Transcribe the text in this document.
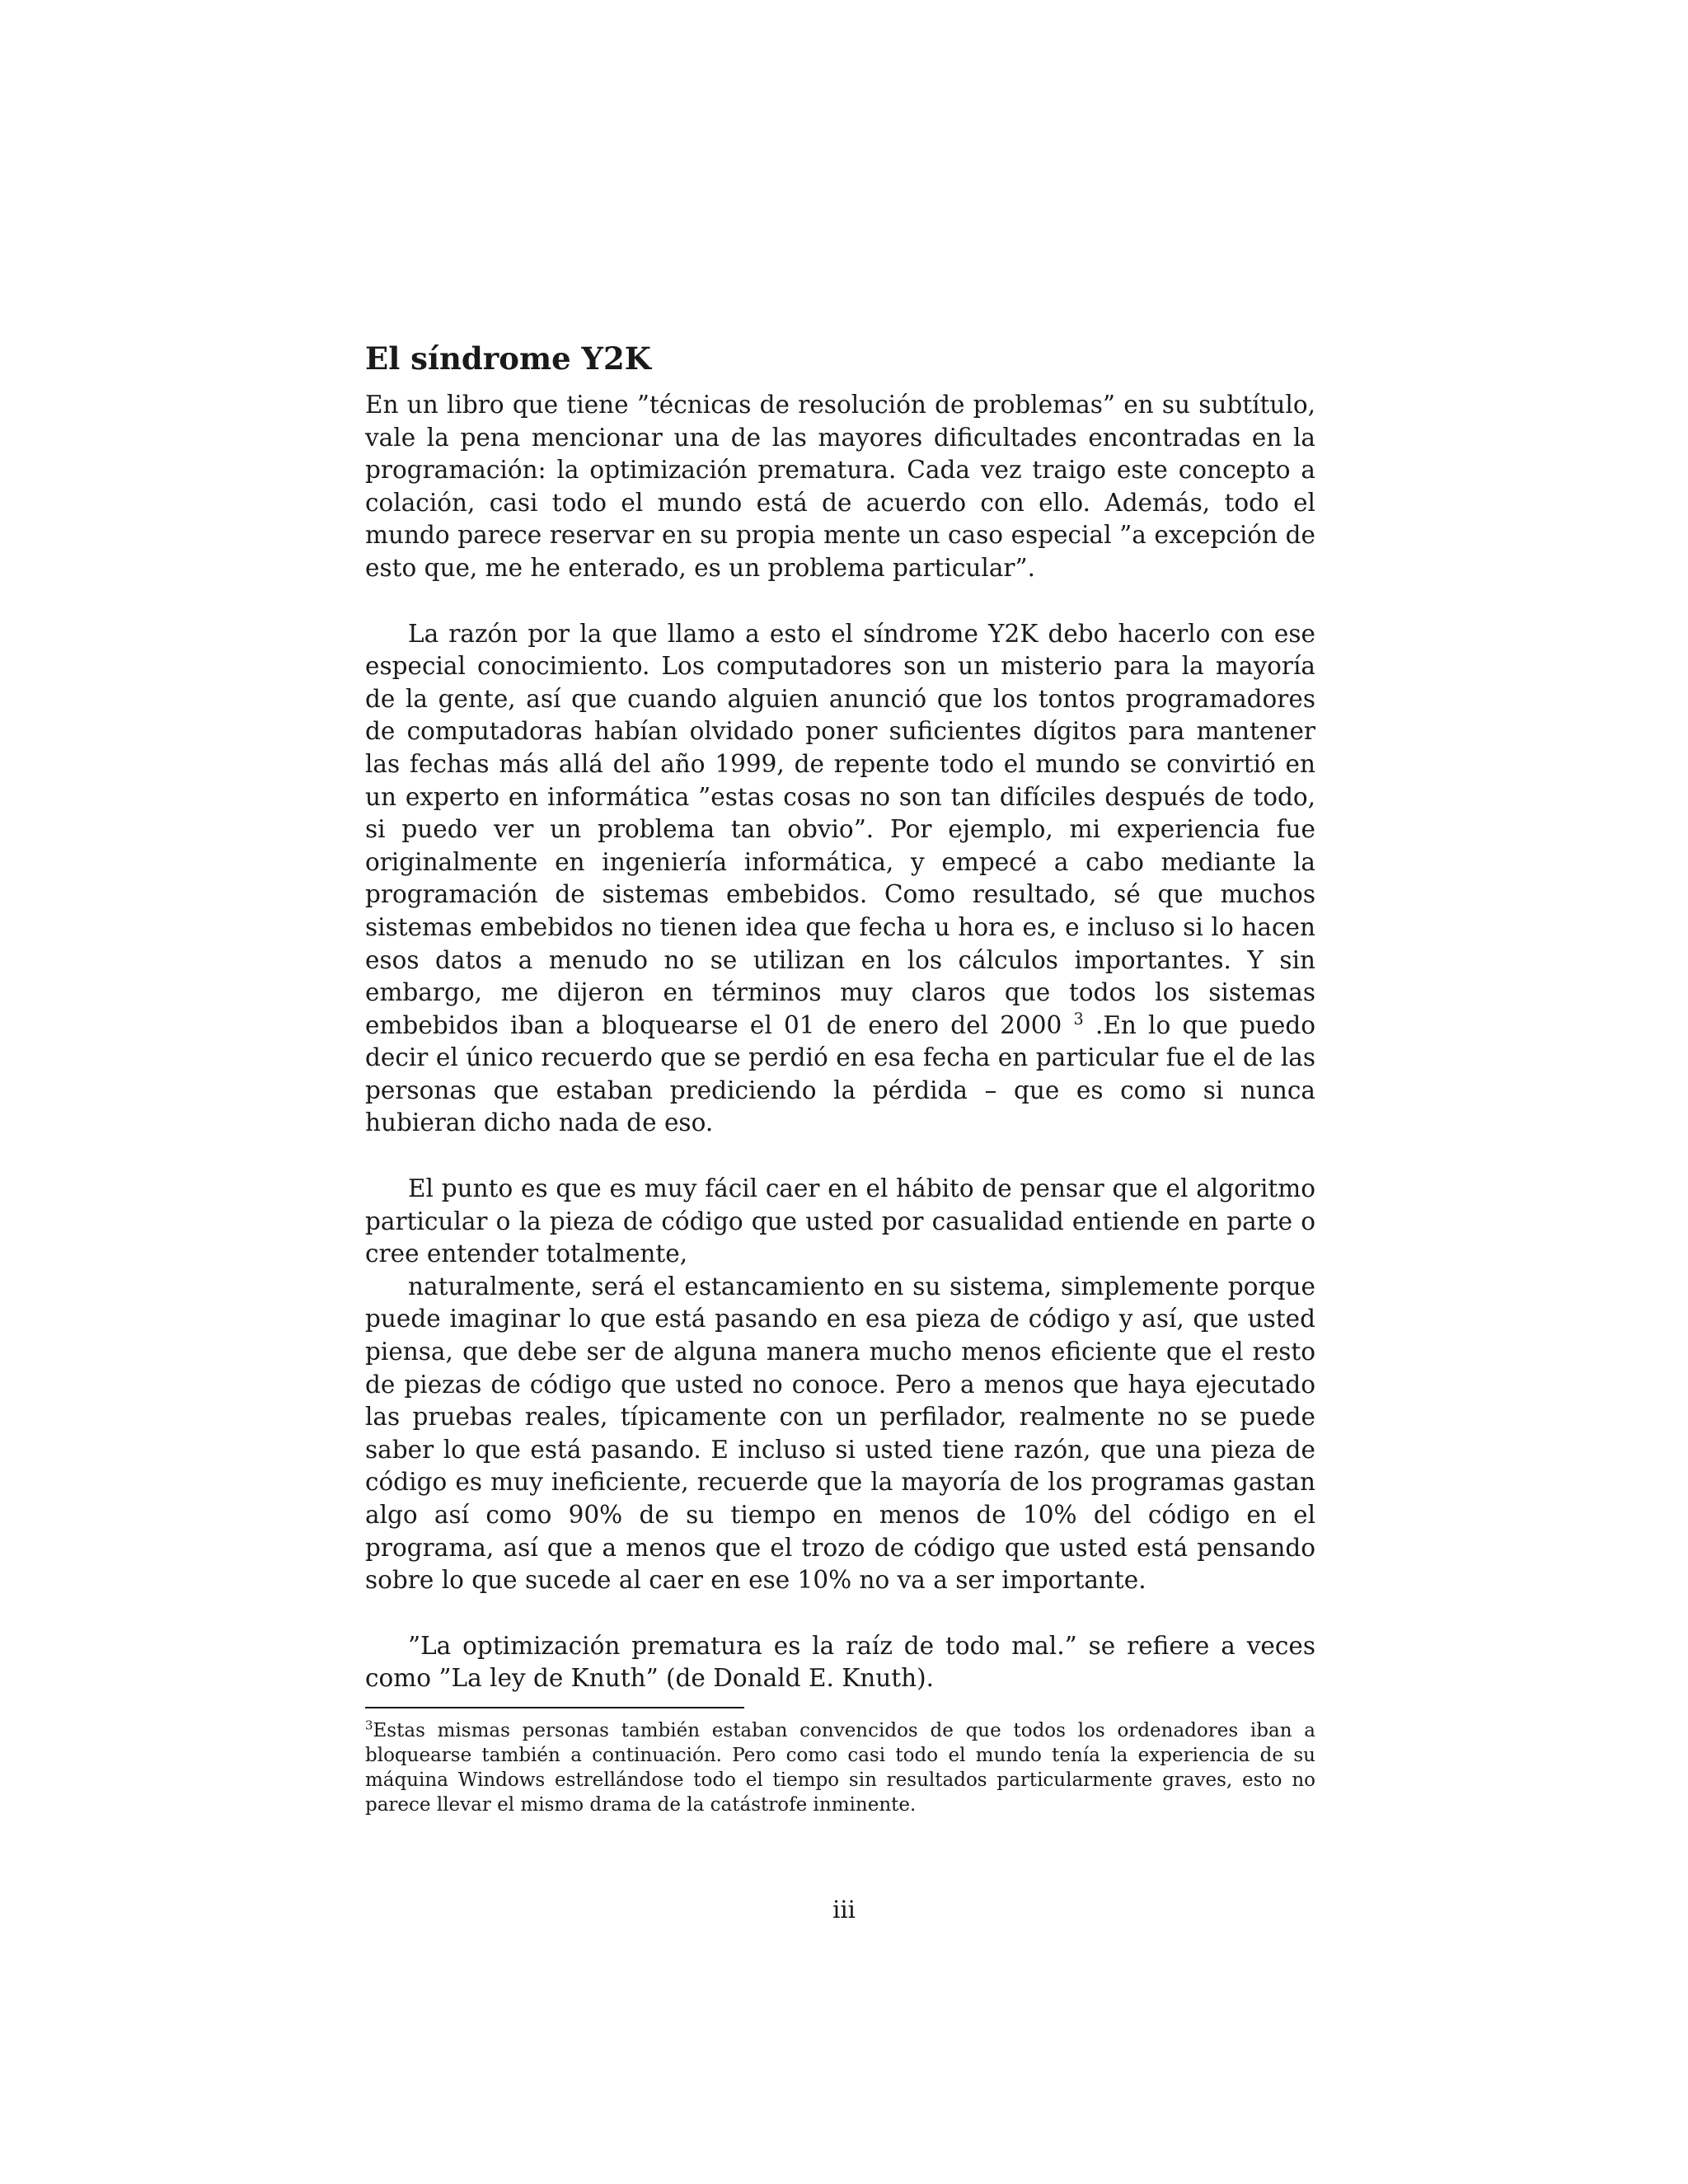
El síndrome Y2K

En un libro que tiene ”técnicas de resolución de problemas” en su subtítulo, vale la pena mencionar una de las mayores dificultades encontradas en la programación: la optimización prematura. Cada vez traigo este concepto a colación, casi todo el mundo está de acuerdo con ello. Además, todo el mundo parece reservar en su propia mente un caso especial ”a excepción de esto que, me he enterado, es un problema particular”.

La razón por la que llamo a esto el síndrome Y2K debo hacerlo con ese especial conocimiento. Los computadores son un misterio para la mayoría de la gente, así que cuando alguien anunció que los tontos programadores de computadoras habían olvidado poner suficientes dígitos para mantener las fechas más allá del año 1999, de repente todo el mundo se convirtió en un experto en informática ”estas cosas no son tan difíciles después de todo, si puedo ver un problema tan obvio”. Por ejemplo, mi experiencia fue originalmente en ingeniería informática, y empecé a cabo mediante la programación de sistemas embebidos. Como resultado, sé que muchos sistemas embebidos no tienen idea que fecha u hora es, e incluso si lo hacen esos datos a menudo no se utilizan en los cálculos importantes. Y sin embargo, me dijeron en términos muy claros que todos los sistemas embebidos iban a bloquearse el 01 de enero del 2000 $^3$ .En lo que puedo decir el único recuerdo que se perdió en esa fecha en particular fue el de las personas que estaban prediciendo la pérdida – que es como si nunca hubieran dicho nada de eso.

El punto es que es muy fácil caer en el hábito de pensar que el algoritmo particular o la pieza de código que usted por casualidad entiende en parte o cree entender totalmente,

naturalmente, será el estancamiento en su sistema, simplemente porque puede imaginar lo que está pasando en esa pieza de código y así, que usted piensa, que debe ser de alguna manera mucho menos eficiente que el resto de piezas de código que usted no conoce. Pero a menos que haya ejecutado las pruebas reales, típicamente con un perfilador, realmente no se puede saber lo que está pasando. E incluso si usted tiene razón, que una pieza de código es muy ineficiente, recuerde que la mayoría de los programas gastan algo así como 90% de su tiempo en menos de 10% del código en el programa, así que a menos que el trozo de código que usted está pensando sobre lo que sucede al caer en ese 10% no va a ser importante.

”La optimización prematura es la raíz de todo mal.” se refiere a veces como ”La ley de Knuth” (de Donald E. Knuth).

$^3$Estas mismas personas también estaban convencidos de que todos los ordenadores iban a bloquearse también a continuación. Pero como casi todo el mundo tenía la experiencia de su máquina Windows estrellándose todo el tiempo sin resultados particularmente graves, esto no parece llevar el mismo drama de la catástrofe inminente.

iii
